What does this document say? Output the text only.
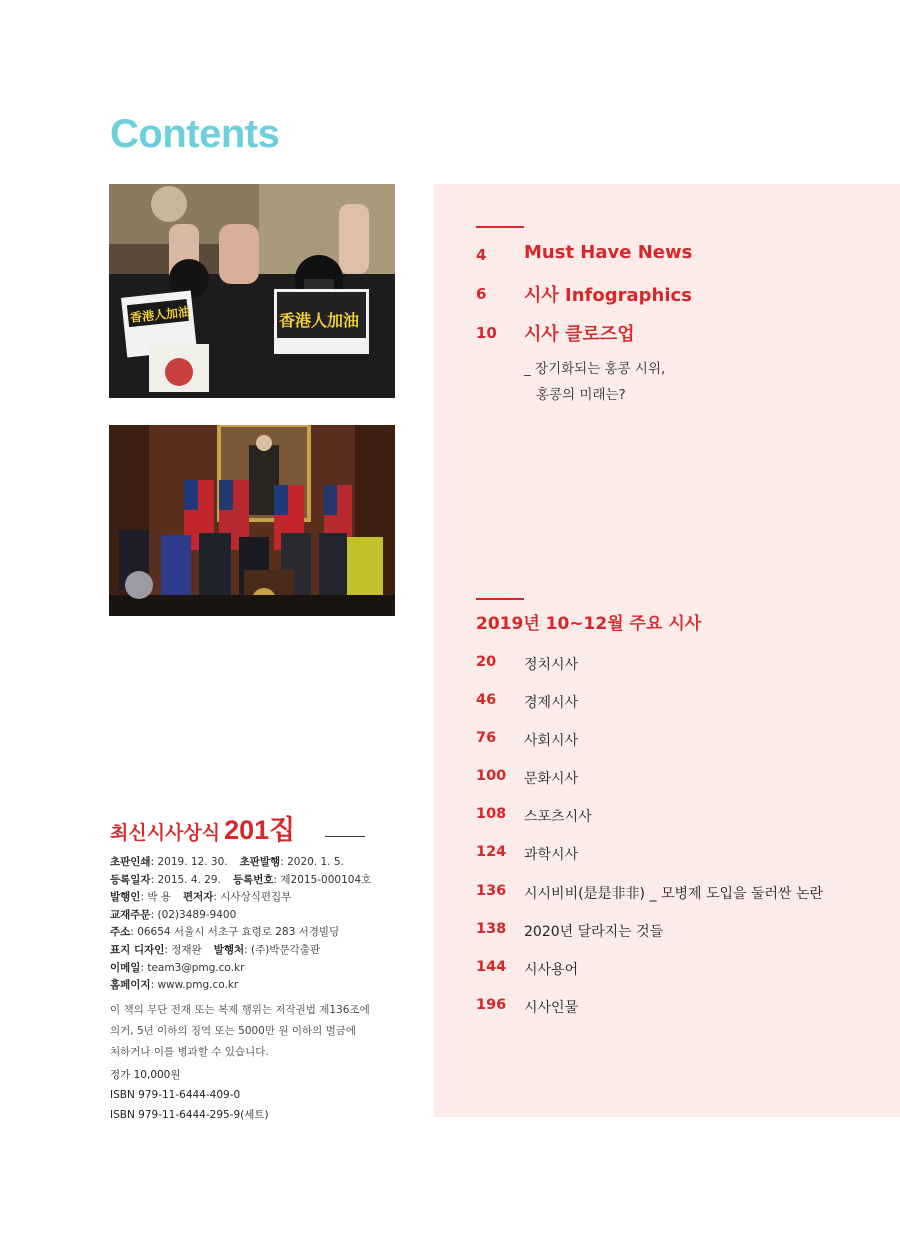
Contents
香港人加油	香港人加油
4 Must Have News
6 시사 Infographics
10 시사 클로즈업
_ 장기화되는 홍콩 시위,
홍콩의 미래는?
2019년 10~12월 주요 시사
20 정치시사
46 경제시사
76 사회시사
100 문화시사
108 스포츠시사
124 과학시사
136 시시비비(是是非非) _ 모병제 도입을 둘러싼 논란
138 2020년 달라지는 것들
144 시사용어
196 시사인물
최신시사상식 201집
초판인쇄: 2019. 12. 30. 초판발행: 2020. 1. 5.
등록일자: 2015. 4. 29. 등록번호: 제2015-000104호
발행인: 박 용 편저자: 시사상식편집부
교재주문: (02)3489-9400
주소: 06654 서울시 서초구 효령로 283 서경빌딩
표지 디자인: 정재완 발행처: (주)박문각출판
이메일: team3@pmg.co.kr
홈페이지: www.pmg.co.kr
이 책의 무단 전재 또는 복제 행위는 저작권법 제136조에
의거, 5년 이하의 징역 또는 5000만 원 이하의 벌금에
처하거나 이를 병과할 수 있습니다.
정가 10,000원
ISBN 979-11-6444-409-0
ISBN 979-11-6444-295-9(세트)
